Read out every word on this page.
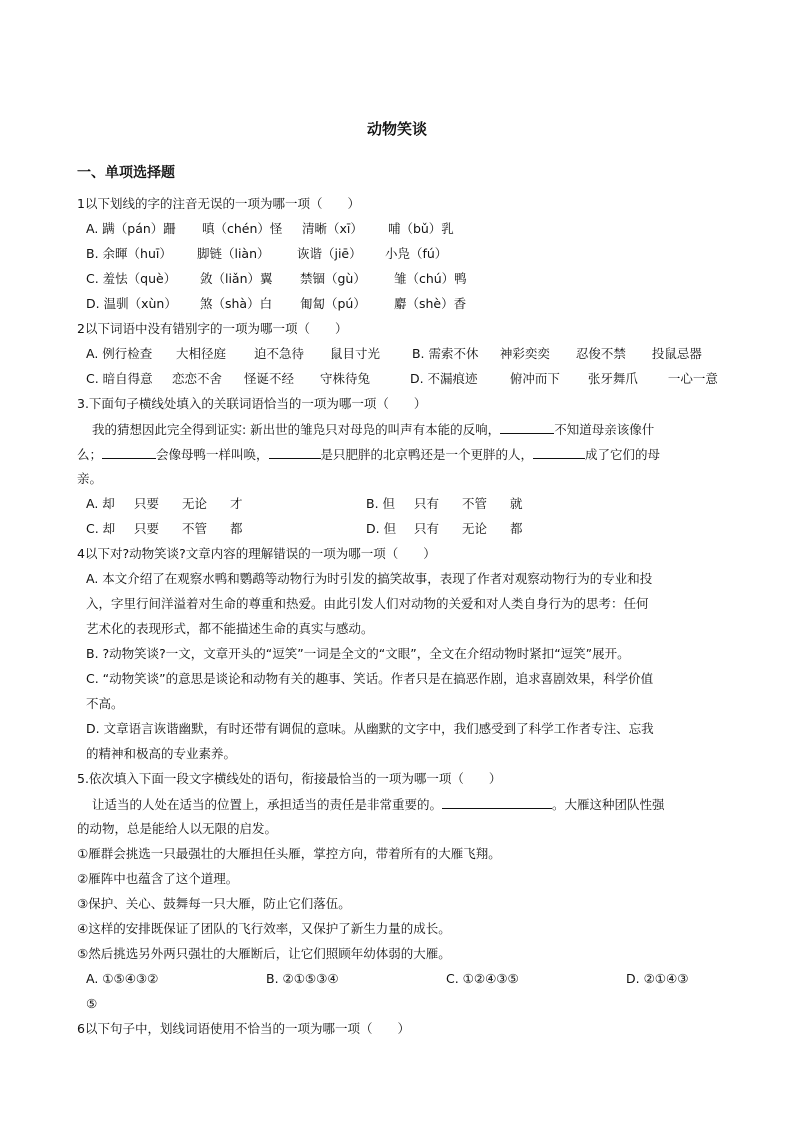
动物笑谈
一、单项选择题
1以下划线的字的注音无误的一项为哪一项（　　）
A. 蹒（pán）跚 嗔（chén）怪 清晰（xī） 哺（bǔ）乳
B. 余暉（huī） 脚链（liàn） 诙谐（jiē） 小凫（fú）
C. 羞怯（què） 敛（liǎn）翼 禁锢（gù） 雏（chú）鸭
D. 温驯（xùn） 煞（shà）白 匍匐（pú） 麝（shè）香
2以下词语中没有错别字的一项为哪一项（　　）
A. 例行检查 大相径庭 迫不急待 鼠目寸光	B. 需索不休 神彩奕奕 忍俊不禁 投鼠忌器
C. 暗自得意 恋恋不舍 怪诞不经 守株待兔	D. 不漏痕迹	俯冲而下 张牙舞爪 一心一意
3.下面句子横线处填入的关联词语恰当的一项为哪一项（　　）
我的猜想因此完全得到证实: 新出世的雏凫只对母凫的叫声有本能的反响，	不知道母亲该像什
么；	会像母鸭一样叫唤，	是只肥胖的北京鸭还是一个更胖的人，	成了它们的母
亲。
A. 却 只要 无论 才	B. 但 只有 不管 就
C. 却 只要 不管 都	D. 但 只有 无论 都
4以下对?动物笑谈?文章内容的理解错误的一项为哪一项（　　）
A. 本文介绍了在观察水鸭和鹦鹉等动物行为时引发的搞笑故事，表现了作者对观察动物行为的专业和投
入，字里行间洋溢着对生命的尊重和热爱。由此引发人们对动物的关爱和对人类自身行为的思考：任何
艺术化的表现形式，都不能描述生命的真实与感动。
B. ?动物笑谈?一文，文章开头的“逗笑”一词是全文的“文眼”，全文在介绍动物时紧扣“逗笑”展开。
C. “动物笑谈”的意思是谈论和动物有关的趣事、笑话。作者只是在搞恶作剧，追求喜剧效果，科学价值
不高。
D. 文章语言诙谐幽默，有时还带有调侃的意味。从幽默的文字中，我们感受到了科学工作者专注、忘我
的精神和极高的专业素养。
5.依次填入下面一段文字横线处的语句，衔接最恰当的一项为哪一项（　　）
让适当的人处在适当的位置上，承担适当的责任是非常重要的。	。大雁这种团队性强
的动物，总是能给人以无限的启发。
①雁群会挑选一只最强壮的大雁担任头雁，掌控方向，带着所有的大雁飞翔。
②雁阵中也蕴含了这个道理。
③保护、关心、鼓舞每一只大雁，防止它们落伍。
④这样的安排既保证了团队的飞行效率，又保护了新生力量的成长。
⑤然后挑选另外两只强壮的大雁断后，让它们照顾年幼体弱的大雁。
A. ①⑤④③②	B. ②①⑤③④	C. ①②④③⑤	D. ②①④③
⑤
6以下句子中，划线词语使用不恰当的一项为哪一项（　　）
